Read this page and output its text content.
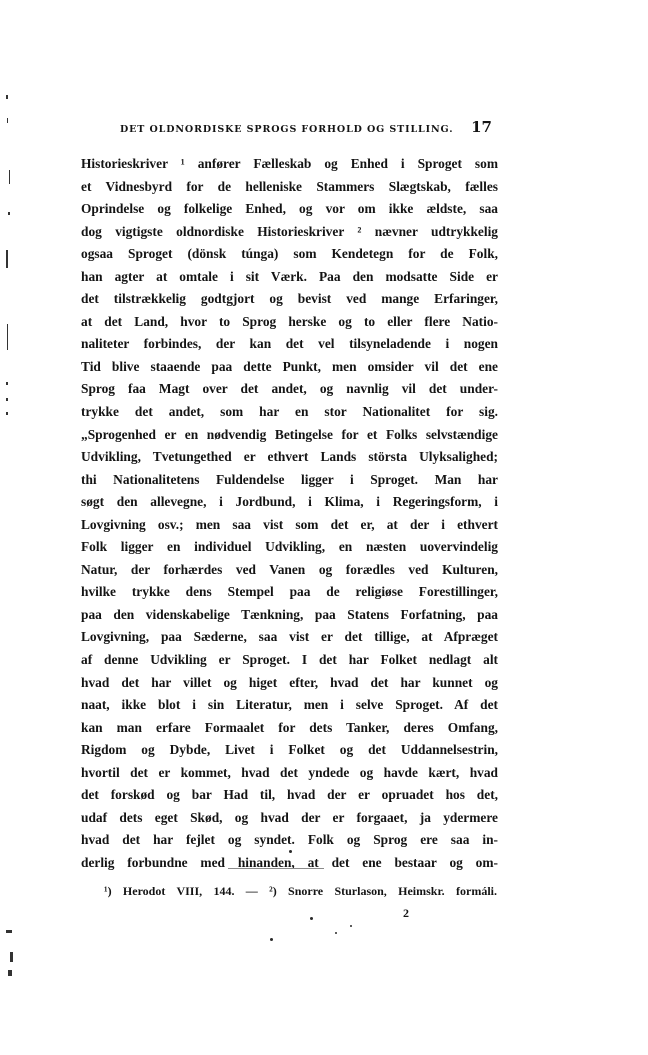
DET OLDNORDISKE SPROGS FORHOLD OG STILLING. 17
Historieskriver ¹ anfører Fælleskab og Enhed i Sproget som
et Vidnesbyrd for de helleniske Stammers Slægtskab, fælles
Oprindelse og folkelige Enhed, og vor om ikke ældste, saa
dog vigtigste oldnordiske Historieskriver ² nævner udtrykkelig
ogsaa Sproget (dönsk túnga) som Kendetegn for de Folk,
han agter at omtale i sit Værk. Paa den modsatte Side er
det tilstrækkelig godtgjort og bevist ved mange Erfaringer,
at det Land, hvor to Sprog herske og to eller flere Natio-
naliteter forbindes, der kan det vel tilsyneladende i nogen
Tid blive staaende paa dette Punkt, men omsider vil det ene
Sprog faa Magt over det andet, og navnlig vil det under-
trykke det andet, som har en stor Nationalitet for sig.
„Sprogenhed er en nødvendig Betingelse for et Folks selvstændige
Udvikling, Tvetungethed er ethvert Lands största Ulyksalighed;
thi Nationalitetens Fuldendelse ligger i Sproget. Man har
søgt den allevegne, i Jordbund, i Klima, i Regeringsform, i
Lovgivning osv.; men saa vist som det er, at der i ethvert
Folk ligger en individuel Udvikling, en næsten uovervindelig
Natur, der forhærdes ved Vanen og forædles ved Kulturen,
hvilke trykke dens Stempel paa de religiøse Forestillinger,
paa den videnskabelige Tænkning, paa Statens Forfatning, paa
Lovgivning, paa Sæderne, saa vist er det tillige, at Afpræget
af denne Udvikling er Sproget. I det har Folket nedlagt alt
hvad det har villet og higet efter, hvad det har kunnet og
naat, ikke blot i sin Literatur, men i selve Sproget. Af det
kan man erfare Formaalet for dets Tanker, deres Omfang,
Rigdom og Dybde, Livet i Folket og det Uddannelsestrin,
hvortil det er kommet, hvad det yndede og havde kært, hvad
det forskød og bar Had til, hvad der er opruadet hos det,
udaf dets eget Skød, og hvad der er forgaaet, ja ydermere
hvad det har fejlet og syndet. Folk og Sprog ere saa in-
derlig forbundne med hinanden, at det ene bestaar og om-
¹) Herodot VIII, 144. — ²) Snorre Sturlason, Heimskr. formáli.
2
